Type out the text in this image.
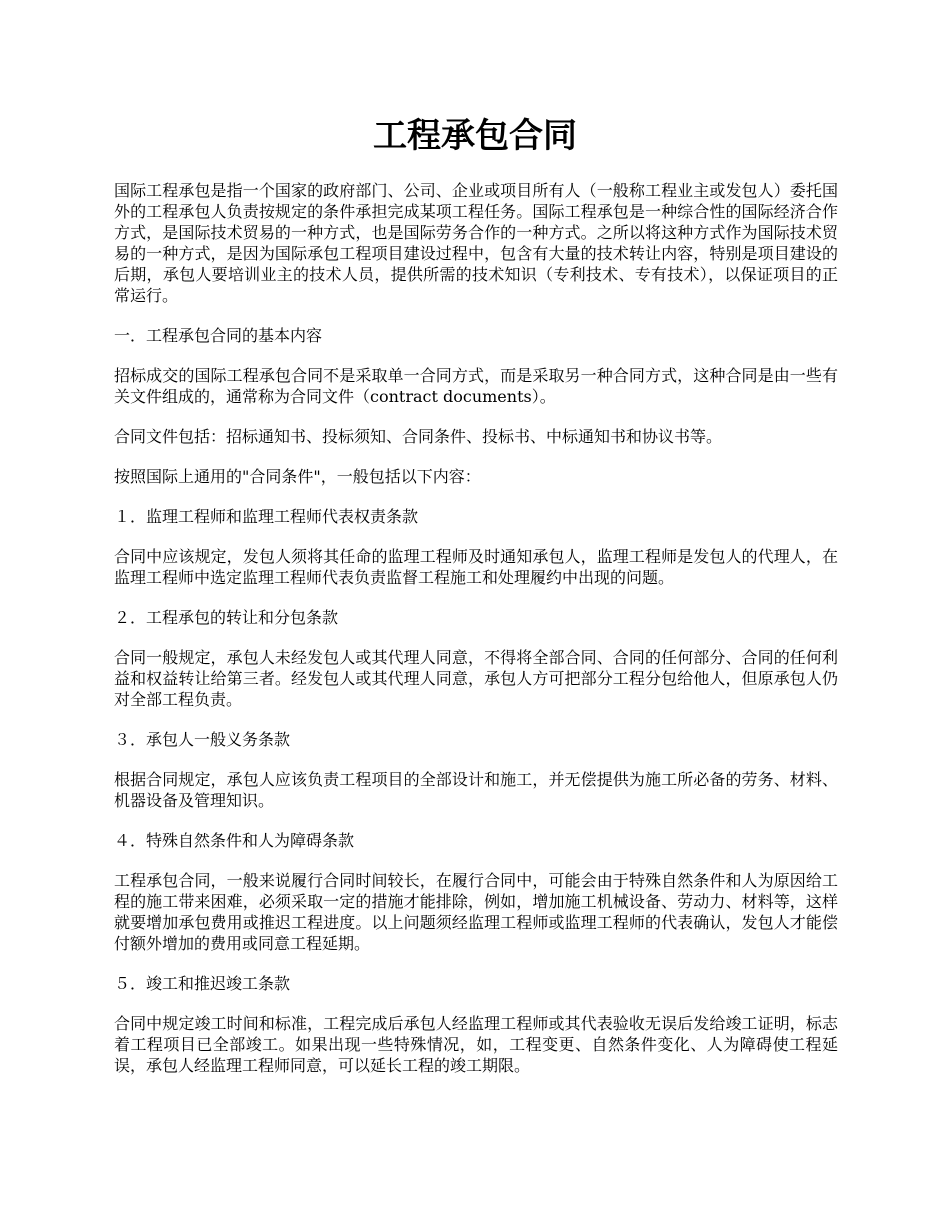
工程承包合同

国际工程承包是指一个国家的政府部门、公司、企业或项目所有人（一般称工程业主或发包人）委托国外的工程承包人负责按规定的条件承担完成某项工程任务。国际工程承包是一种综合性的国际经济合作方式，是国际技术贸易的一种方式，也是国际劳务合作的一种方式。之所以将这种方式作为国际技术贸易的一种方式，是因为国际承包工程项目建设过程中，包含有大量的技术转让内容，特别是项目建设的后期，承包人要培训业主的技术人员，提供所需的技术知识（专利技术、专有技术），以保证项目的正常运行。

一．工程承包合同的基本内容

招标成交的国际工程承包合同不是采取单一合同方式，而是采取另一种合同方式，这种合同是由一些有关文件组成的，通常称为合同文件（contract documents）。

合同文件包括：招标通知书、投标须知、合同条件、投标书、中标通知书和协议书等。

按照国际上通用的"合同条件"，一般包括以下内容：

１．监理工程师和监理工程师代表权责条款

合同中应该规定，发包人须将其任命的监理工程师及时通知承包人，监理工程师是发包人的代理人，在监理工程师中选定监理工程师代表负责监督工程施工和处理履约中出现的问题。

２．工程承包的转让和分包条款

合同一般规定，承包人未经发包人或其代理人同意，不得将全部合同、合同的任何部分、合同的任何利益和权益转让给第三者。经发包人或其代理人同意，承包人方可把部分工程分包给他人，但原承包人仍对全部工程负责。

３．承包人一般义务条款

根据合同规定，承包人应该负责工程项目的全部设计和施工，并无偿提供为施工所必备的劳务、材料、机器设备及管理知识。

４．特殊自然条件和人为障碍条款

工程承包合同，一般来说履行合同时间较长，在履行合同中，可能会由于特殊自然条件和人为原因给工程的施工带来困难，必须采取一定的措施才能排除，例如，增加施工机械设备、劳动力、材料等，这样就要增加承包费用或推迟工程进度。以上问题须经监理工程师或监理工程师的代表确认，发包人才能偿付额外增加的费用或同意工程延期。

５．竣工和推迟竣工条款

合同中规定竣工时间和标准，工程完成后承包人经监理工程师或其代表验收无误后发给竣工证明，标志着工程项目已全部竣工。如果出现一些特殊情况，如，工程变更、自然条件变化、人为障碍使工程延误，承包人经监理工程师同意，可以延长工程的竣工期限。
